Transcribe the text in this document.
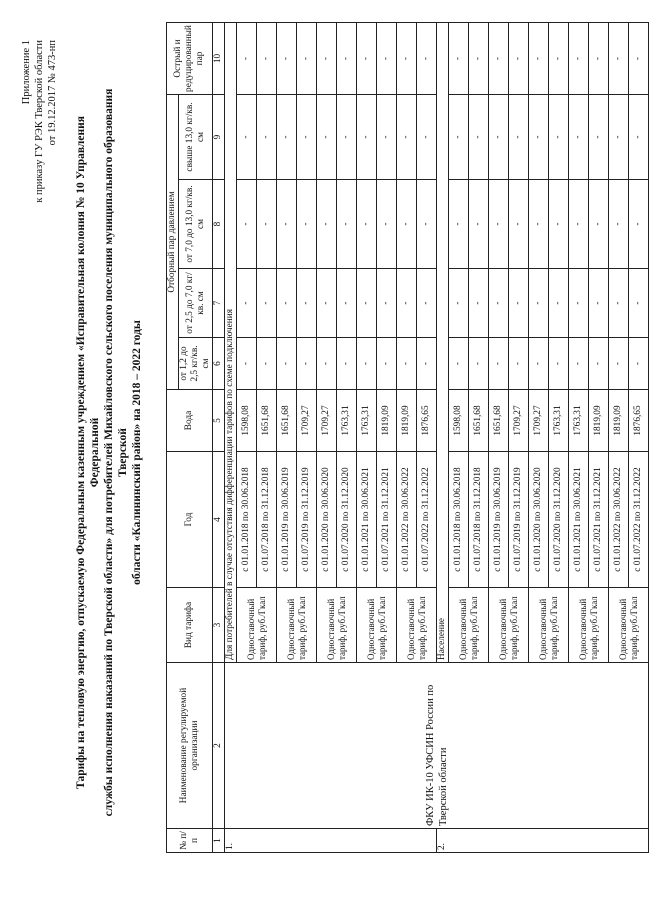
Приложение 1 к приказу ГУ РЭК Тверской области от 19.12.2017 № 473-нп
Тарифы на тепловую энергию, отпускаемую Федеральным казенным учреждением «Исправительная колония № 10 Управления Федеральной службы исполнения наказаний по Тверской области» для потребителей Михайловского сельского поселения муниципального образования Тверской области «Калининский район» на 2018 – 2022 годы
№ п/п	Наименование регулируемой организации	Вид тарифа	Год	Вода	Отборный пар давлением				Острый и редуцированный пар
					от 1,2 до 2,5 кг/кв. см	от 2,5 до 7,0 кг/кв. см	от 7,0 до 13,0 кг/кв. см	свыше 13,0 кг/кв. см	
1	2	3	4	5	6	7	8	9	10
1.	ФКУ ИК-10 УФСИН России по Тверской области	Для потребителей в случае отсутствия дифференциации тарифов по схеме подключения							
		Одноставочный тариф, руб./Гкал	с 01.01.2018 по 30.06.2018	1598,08	-	-	-	-	-
			с 01.07.2018 по 31.12.2018	1651,68	-	-	-	-	-
		Одноставочный тариф, руб./Гкал	с 01.01.2019 по 30.06.2019	1651,68	-	-	-	-	-
			с 01.07.2019 по 31.12.2019	1709,27	-	-	-	-	-
		Одноставочный тариф, руб./Гкал	с 01.01.2020 по 30.06.2020	1709,27	-	-	-	-	-
			с 01.07.2020 по 31.12.2020	1763,31	-	-	-	-	-
		Одноставочный тариф, руб./Гкал	с 01.01.2021 по 30.06.2021	1763,31	-	-	-	-	-
			с 01.07.2021 по 31.12.2021	1819,09	-	-	-	-	-
		Одноставочный тариф, руб./Гкал	с 01.01.2022 по 30.06.2022	1819,09	-	-	-	-	-
			с 01.07.2022 по 31.12.2022	1876,65	-	-	-	-	-
2.		Население							
		Одноставочный тариф, руб./Гкал	с 01.01.2018 по 30.06.2018	1598,08	-	-	-	-	-
			с 01.07.2018 по 31.12.2018	1651,68	-	-	-	-	-
		Одноставочный тариф, руб./Гкал	с 01.01.2019 по 30.06.2019	1651,68	-	-	-	-	-
			с 01.07.2019 по 31.12.2019	1709,27	-	-	-	-	-
		Одноставочный тариф, руб./Гкал	с 01.01.2020 по 30.06.2020	1709,27	-	-	-	-	-
			с 01.07.2020 по 31.12.2020	1763,31	-	-	-	-	-
		Одноставочный тариф, руб./Гкал	с 01.01.2021 по 30.06.2021	1763,31	-	-	-	-	-
			с 01.07.2021 по 31.12.2021	1819,09	-	-	-	-	-
		Одноставочный тариф, руб./Гкал	с 01.01.2022 по 30.06.2022	1819,09	-	-	-	-	-
			с 01.07.2022 по 31.12.2022	1876,65	-	-	-	-	-
